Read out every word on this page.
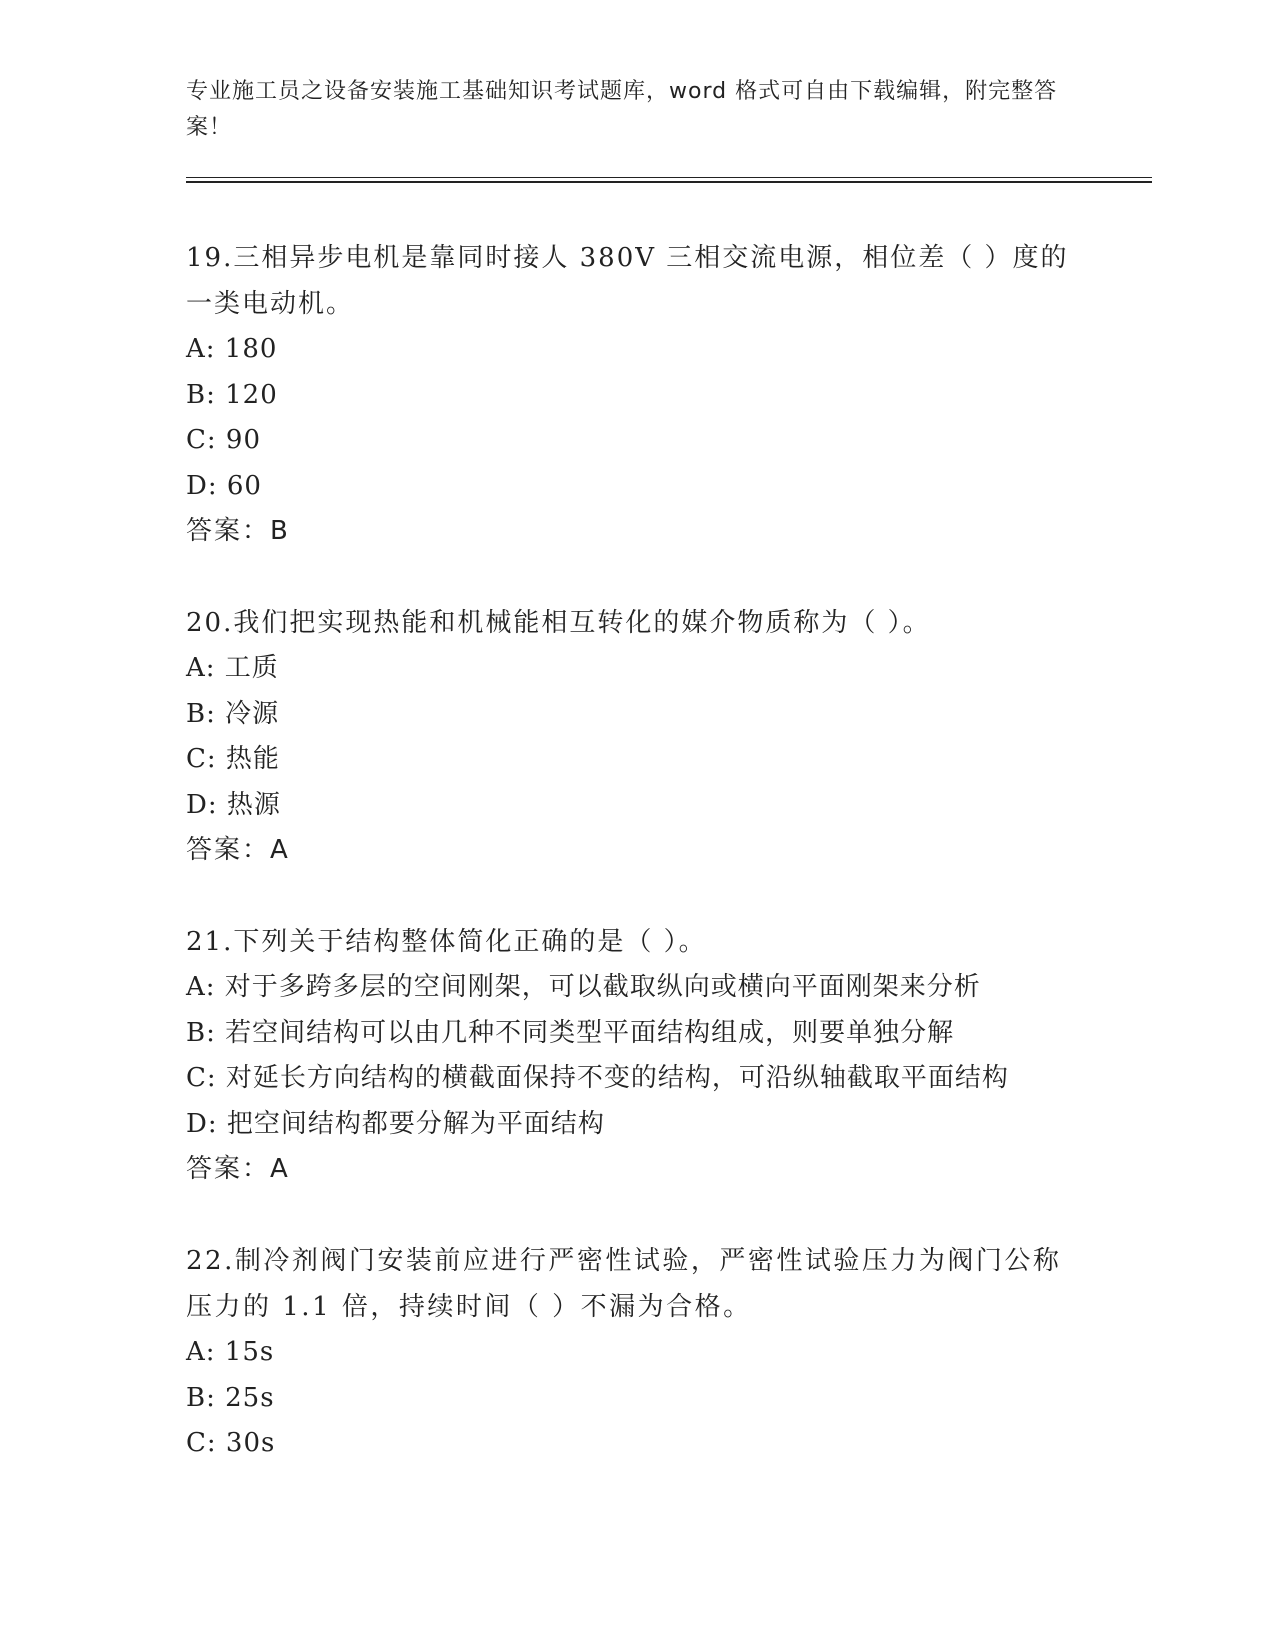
专业施工员之设备安装施工基础知识考试题库，word 格式可自由下载编辑，附完整答案！

19.三相异步电机是靠同时接人 380V 三相交流电源，相位差（ ）度的一类电动机。

A: 180
B: 120
C: 90
D: 60
答案：B

20.我们把实现热能和机械能相互转化的媒介物质称为（ ）。

A: 工质
B: 冷源
C: 热能
D: 热源
答案：A

21.下列关于结构整体简化正确的是（ ）。

A: 对于多跨多层的空间刚架，可以截取纵向或横向平面刚架来分析
B: 若空间结构可以由几种不同类型平面结构组成，则要单独分解
C: 对延长方向结构的横截面保持不变的结构，可沿纵轴截取平面结构
D: 把空间结构都要分解为平面结构
答案：A

22.制冷剂阀门安装前应进行严密性试验，严密性试验压力为阀门公称压力的 1.1 倍，持续时间（ ）不漏为合格。

A: 15s
B: 25s
C: 30s
